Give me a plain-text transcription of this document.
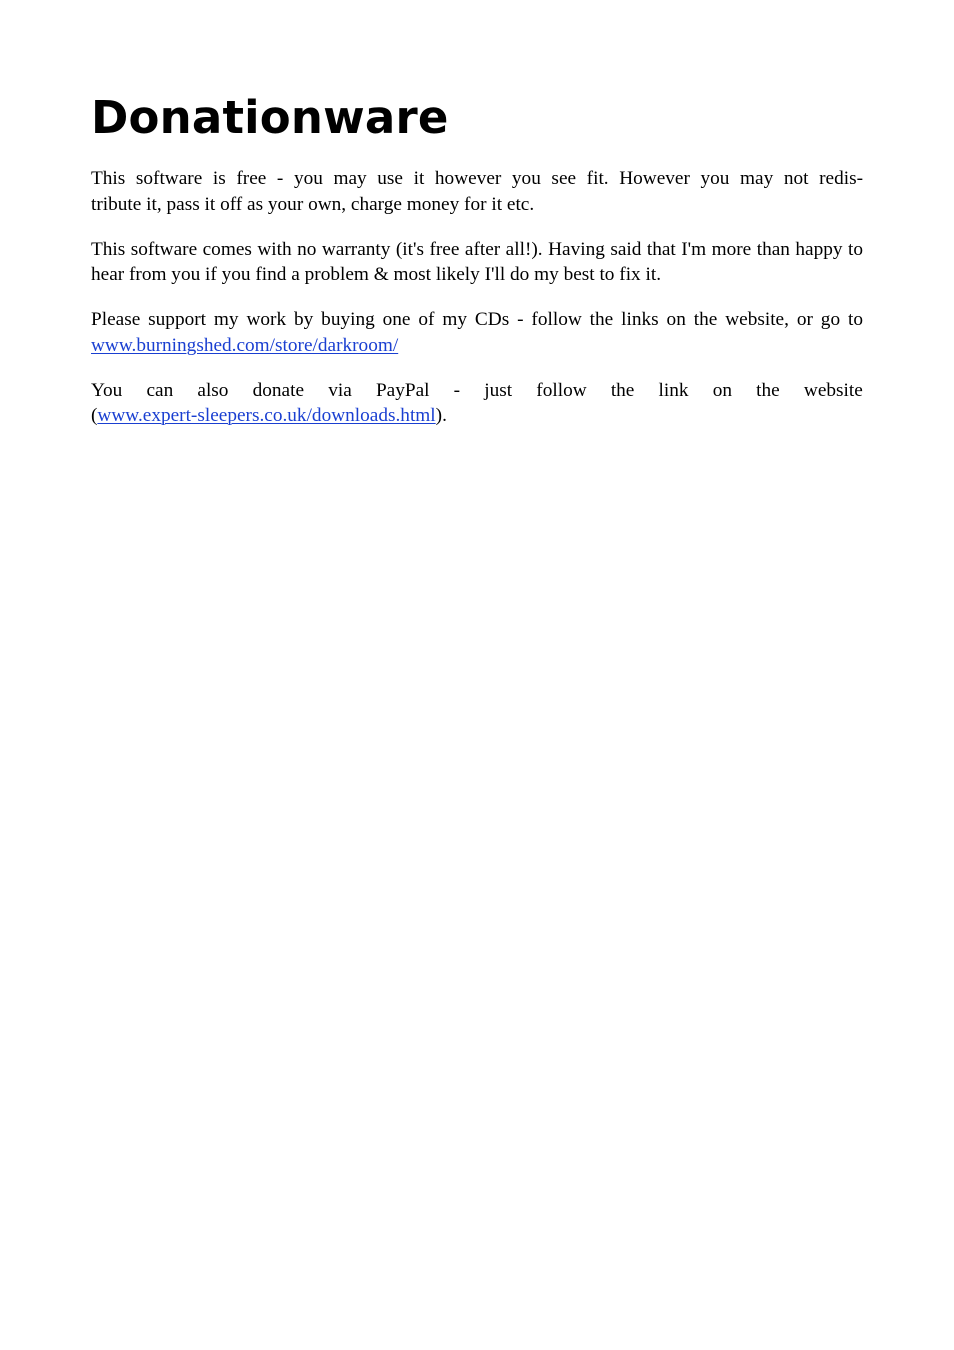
Donationware

This software is free - you may use it however you see fit. However you may not redis-

tribute it, pass it off as your own, charge money for it etc.

This software comes with no warranty (it's free after all!). Having said that I'm more than happy to hear from you if you find a problem & most likely I'll do my best to fix it.

Please support my work by buying one of my CDs - follow the links on the website, or go to www.burningshed.com/store/darkroom/

You can also donate via PayPal - just follow the link on the website
(www.expert-sleepers.co.uk/downloads.html).
